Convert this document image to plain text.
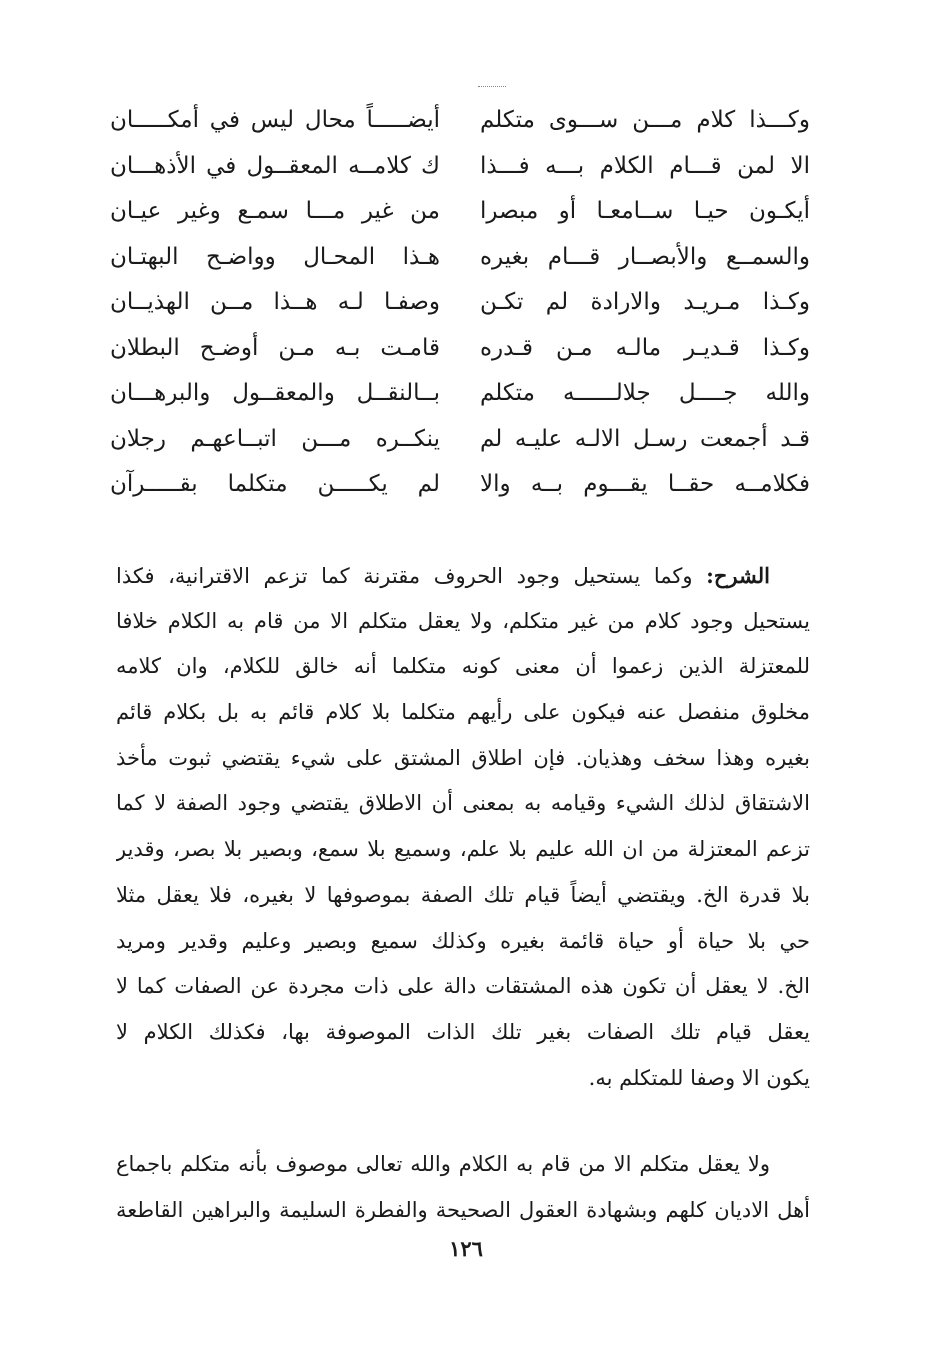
وكـــذا كلام مـــن ســـوى متكلم
الا لمن قـــام الكلام بـــه فـــذا
أيكـون حيـا ســامعـا أو مبصرا
والسمــع والأبصــار قـــام بغيره
وكـذا مـريـد والارادة لم تكـن
وكـذا قـديـر مالـه مـن قـدره
والله جــــل جلالــــــه متكلم
قـد أجمعت رسـل الالـه عليـه لم
فكلامــه حقــا يقـــوم بــه والا
أيضـــــاً محال ليس في أمكـــــان
ك كلامــه المعقــول في الأذهـــان
من غير مـــا سمـع وغير عيـان
هـذا المحـال وواضـح البهتـان
وصفـا لـه هــذا مــن الهذيــان
قامـت بـه مـن أوضـح البطلان
بــالنقــل والمعقــول والبرهـــان
ينكــره مـــن اتبــاعهـم رجلان
لم يكـــــن متكلما بقـــــرآن
الشرح: وكما يستحيل وجود الحروف مقترنة كما تزعم الاقترانية، فكذا
يستحيل وجود كلام من غير متكلم، ولا يعقل متكلم الا من قام به الكلام خلافا
للمعتزلة الذين زعموا أن معنى كونه متكلما أنه خالق للكلام، وان كلامه
مخلوق منفصل عنه فيكون على رأيهم متكلما بلا كلام قائم به بل بكلام قائم
بغيره وهذا سخف وهذيان. فإن اطلاق المشتق على شيء يقتضي ثبوت مأخذ
الاشتقاق لذلك الشيء وقيامه به بمعنى أن الاطلاق يقتضي وجود الصفة لا كما
تزعم المعتزلة من ان الله عليم بلا علم، وسميع بلا سمع، وبصير بلا بصر، وقدير
بلا قدرة الخ. ويقتضي أيضاً قيام تلك الصفة بموصوفها لا بغيره، فلا يعقل مثلا
حي بلا حياة أو حياة قائمة بغيره وكذلك سميع وبصير وعليم وقدير ومريد
الخ. لا يعقل أن تكون هذه المشتقات دالة على ذات مجردة عن الصفات كما لا
يعقل قيام تلك الصفات بغير تلك الذات الموصوفة بها، فكذلك الكلام لا
يكون الا وصفا للمتكلم به.
ولا يعقل متكلم الا من قام به الكلام والله تعالى موصوف بأنه متكلم باجماع
أهل الاديان كلهم وبشهادة العقول الصحيحة والفطرة السليمة والبراهين القاطعة
١٢٦
